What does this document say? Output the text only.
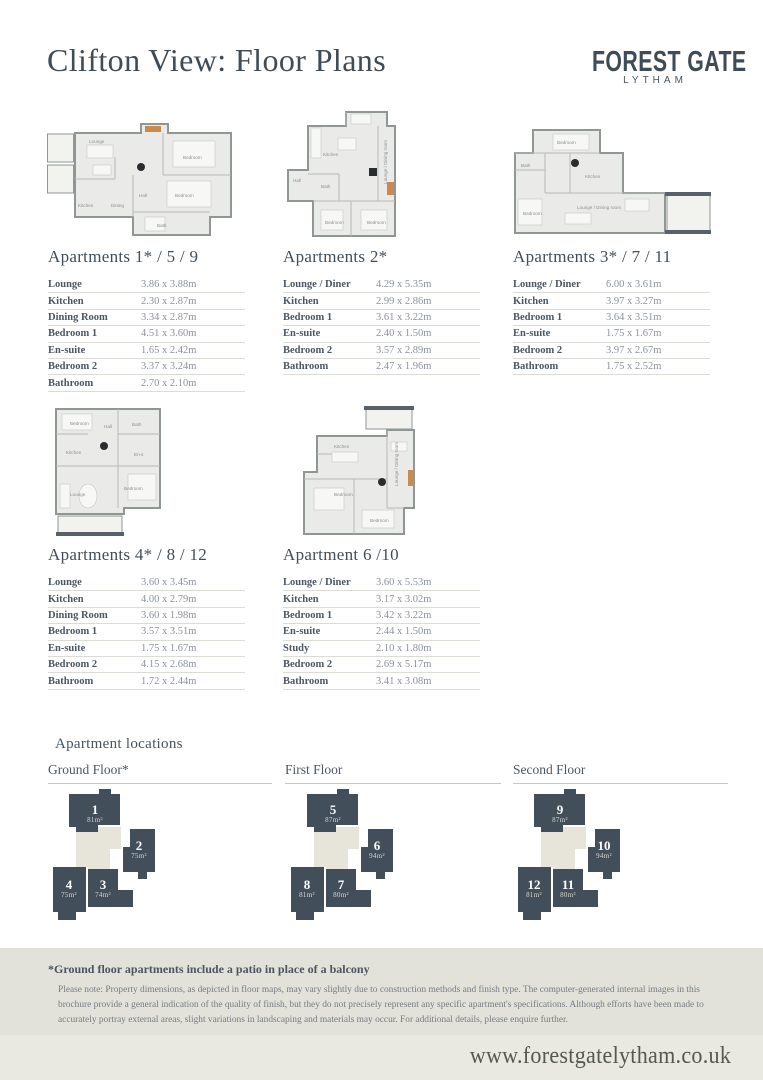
Clifton View: Floor Plans	FOREST GATE
LYTHAM
Lounge
Kitchen	Dining
Hall
Bedroom
Bedroom
Bath
Kitchen
Hall
Bath
Bedroom	Bedroom
Lounge / Dining room	Bedroom
Bath
Kitchen
Bedroom
Lounge / Dining room
Apartments 1* / 5 / 9	Apartments 2*	Apartments 3* / 7 / 11
Lounge	3.86 x 3.88m
Kitchen	2.30 x 2.87m
Dining Room	3.34 x 2.87m
Bedroom 1	4.51 x 3.60m
En-suite	1.65 x 2.42m
Bedroom 2	3.37 x 3.24m
Bathroom	2.70 x 2.10m
Lounge / Diner	4.29 x 5.35m
Kitchen	2.99 x 2.86m
Bedroom 1	3.61 x 3.22m
En-suite	2.40 x 1.50m
Bedroom 2	3.57 x 2.89m
Bathroom	2.47 x 1.96m
Lounge / Diner	6.00 x 3.61m
Kitchen	3.97 x 3.27m
Bedroom 1	3.64 x 3.51m
En-suite	1.75 x 1.67m
Bedroom 2	3.97 x 2.67m
Bathroom	1.75 x 2.52m
Bedroom
Hall
Kitchen
Bath
En-s
Bedroom
Lounge
Kitchen
Bedroom
Bedroom
Lounge / Dining room
Apartments 4* / 8 / 12	Apartment 6 /10
Lounge	3.60 x 3.45m
Kitchen	4.00 x 2.79m
Dining Room	3.60 x 1.98m
Bedroom 1	3.57 x 3.51m
En-suite	1.75 x 1.67m
Bedroom 2	4.15 x 2.68m
Bathroom	1.72 x 2.44m
Lounge / Diner	3.60 x 5.53m
Kitchen	3.17 x 3.02m
Bedroom 1	3.42 x 3.22m
En-suite	2.44 x 1.50m
Study	2.10 x 1.80m
Bedroom 2	2.69 x 5.17m
Bathroom	3.41 x 3.08m
Apartment locations
Ground Floor*	First Floor	Second Floor
1
81m²
2
75m²
4
75m²
3
74m²
5
87m²
6
94m²
8
81m²
7
80m²
9
87m²
10
94m²
12
81m²
11
80m²
*Ground floor apartments include a patio in place of a balcony
Please note: Property dimensions, as depicted in floor maps, may vary slightly due to construction methods and finish type. The computer-generated internal images in this brochure provide a general indication of the quality of finish, but they do not precisely represent any specific apartment's specifications. Although efforts have been made to accurately portray external areas, slight variations in landscaping and materials may occur. For additional details, please enquire further.
www.forestgatelytham.co.uk
